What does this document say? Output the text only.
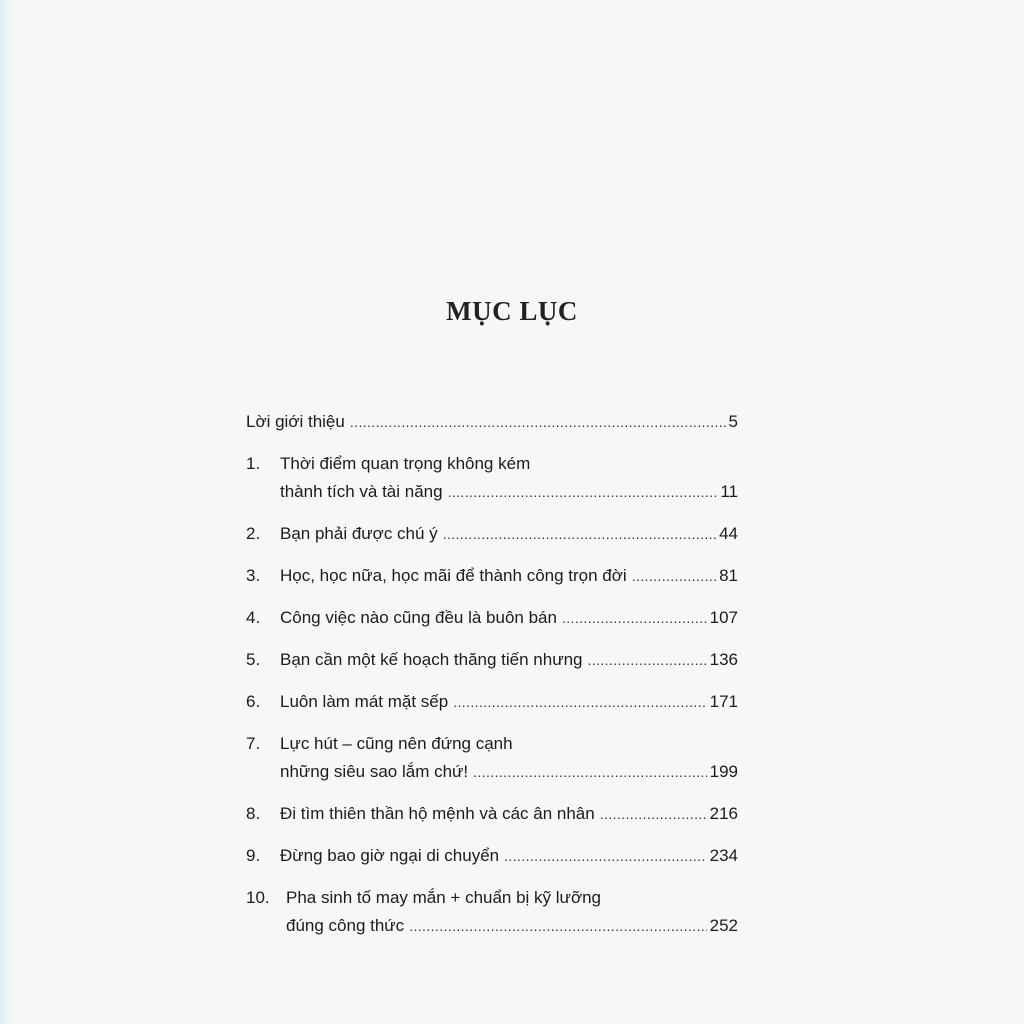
MỤC LỤC
Lời giới thiệu .....	5
1. Thời điểm quan trọng không kém
thành tích và tài năng .....	11
2. Bạn phải được chú ý .....	44
3. Học, học nữa, học mãi để thành công trọn đời .....	81
4. Công việc nào cũng đều là buôn bán .....	107
5. Bạn cần một kế hoạch thăng tiến nhưng .....	136
6. Luôn làm mát mặt sếp .....	171
7. Lực hút – cũng nên đứng cạnh
những siêu sao lắm chứ! .....	199
8. Đi tìm thiên thần hộ mệnh và các ân nhân .....	216
9. Đừng bao giờ ngại di chuyển .....	234
10. Pha sinh tố may mắn + chuẩn bị kỹ lưỡng
đúng công thức .....	252
